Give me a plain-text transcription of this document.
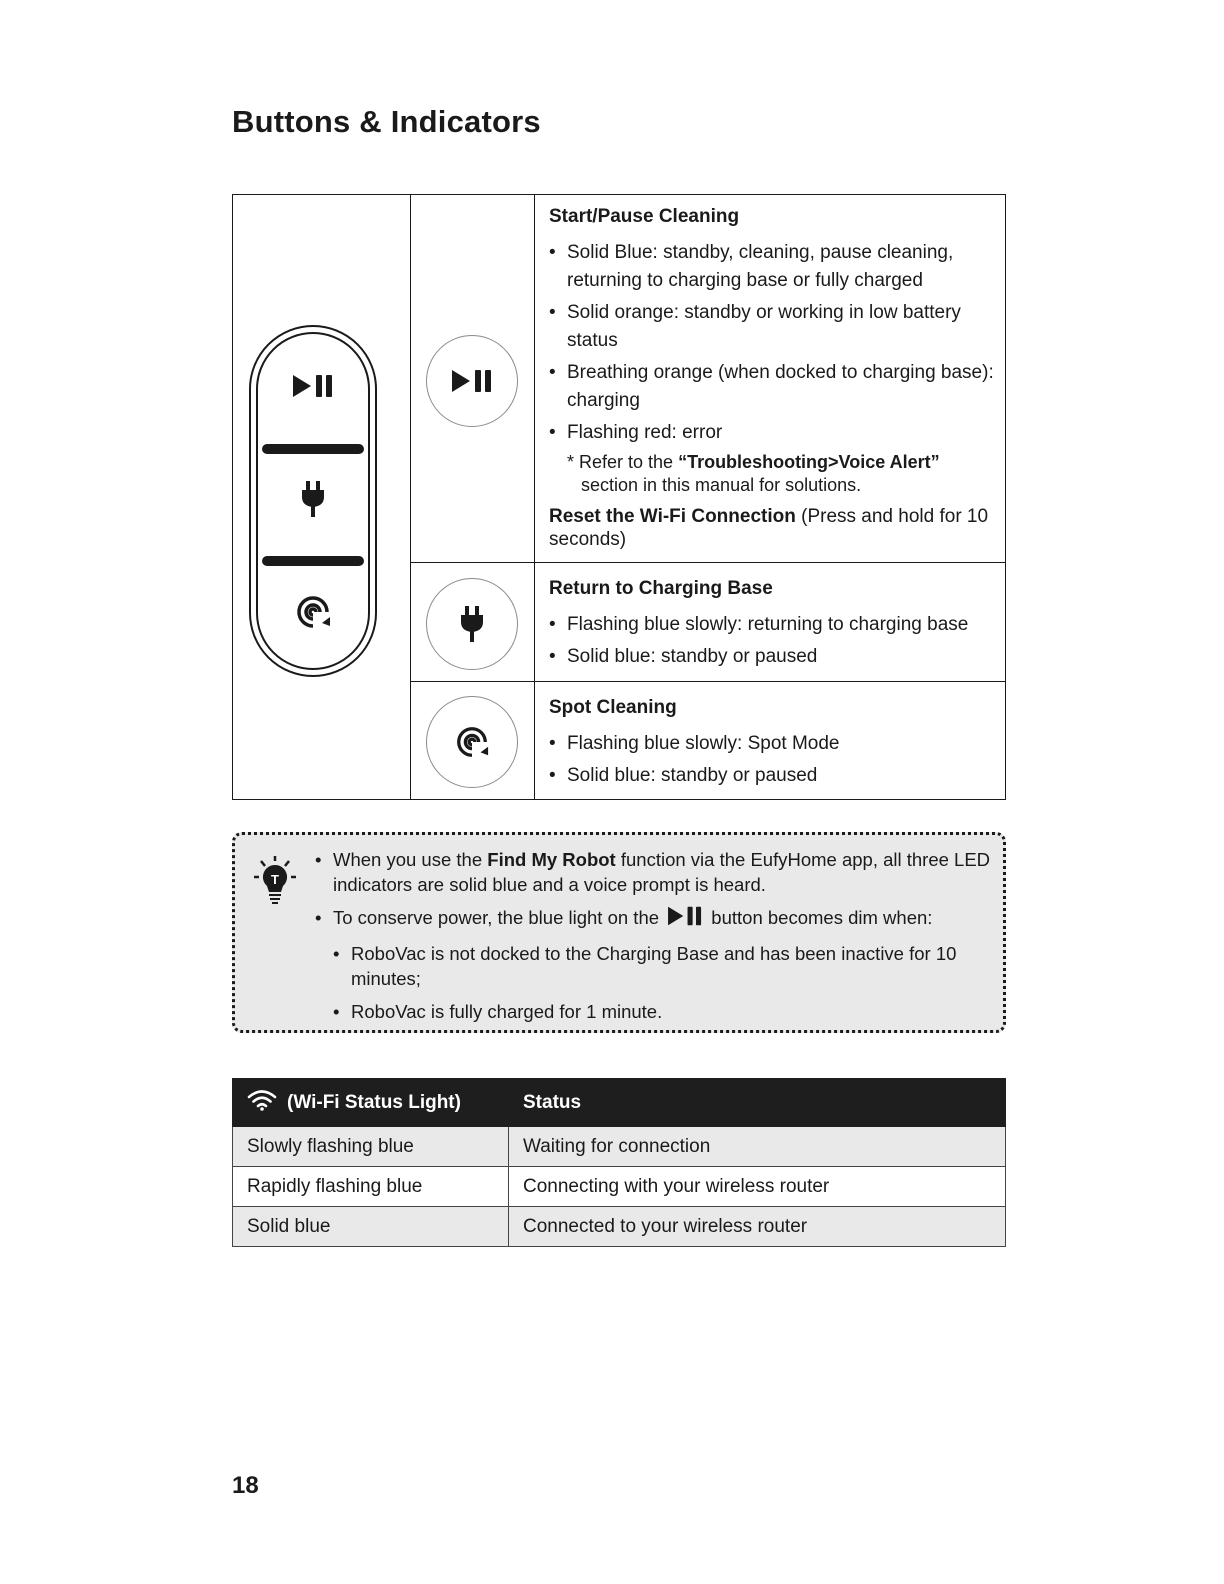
Buttons & Indicators
Start/Pause Cleaning
• Solid Blue: standby, cleaning, pause cleaning, returning to charging base or fully charged
• Solid orange: standby or working in low battery status
• Breathing orange (when docked to charging base): charging
• Flashing red: error
* Refer to the “Troubleshooting>Voice Alert”
section in this manual for solutions.
Reset the Wi-Fi Connection (Press and hold for 10 seconds)
Return to Charging Base
• Flashing blue slowly: returning to charging base
• Solid blue: standby or paused
Spot Cleaning
• Flashing blue slowly: Spot Mode
• Solid blue: standby or paused
T
• When you use the Find My Robot function via the EufyHome app, all three LED indicators are solid blue and a voice prompt is heard.
• To conserve power, the blue light on the  button becomes dim when:
• RoboVac is not docked to the Charging Base and has been inactive for 10 minutes;
• RoboVac is fully charged for 1 minute.
(Wi-Fi Status Light)	Status
Slowly flashing blue	Waiting for connection
Rapidly flashing blue	Connecting with your wireless router
Solid blue	Connected to your wireless router
18
